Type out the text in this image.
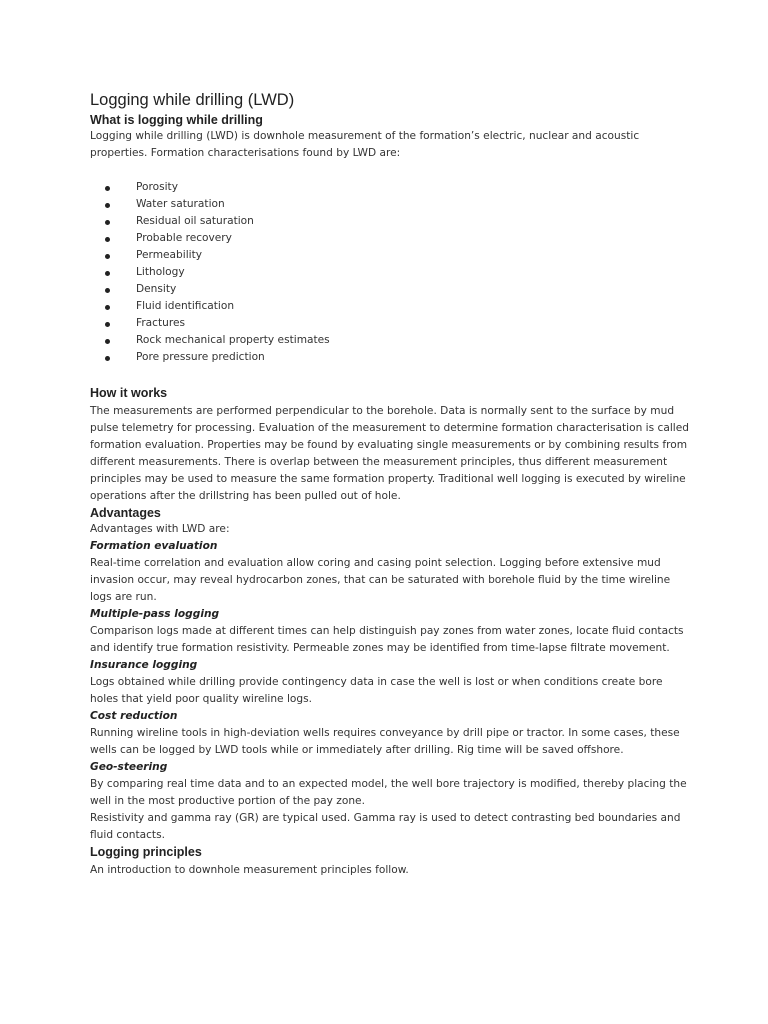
Logging while drilling (LWD)
What is logging while drilling

Logging while drilling (LWD) is downhole measurement of the formation’s electric, nuclear and acoustic properties. Formation characterisations found by LWD are:

Porosity
Water saturation
Residual oil saturation
Probable recovery
Permeability
Lithology
Density
Fluid identification
Fractures
Rock mechanical property estimates
Pore pressure prediction
How it works

The measurements are performed perpendicular to the borehole. Data is normally sent to the surface by mud pulse telemetry for processing. Evaluation of the measurement to determine formation characterisation is called formation evaluation. Properties may be found by evaluating single measurements or by combining results from different measurements. There is overlap between the measurement principles, thus different measurement principles may be used to measure the same formation property. Traditional well logging is executed by wireline operations after the drillstring has been pulled out of hole.

Advantages

Advantages with LWD are:

Formation evaluation

Real-time correlation and evaluation allow coring and casing point selection. Logging before extensive mud invasion occur, may reveal hydrocarbon zones, that can be saturated with borehole fluid by the time wireline logs are run.

Multiple-pass logging

Comparison logs made at different times can help distinguish pay zones from water zones, locate fluid contacts and identify true formation resistivity. Permeable zones may be identified from time-lapse filtrate movement.

Insurance logging

Logs obtained while drilling provide contingency data in case the well is lost or when conditions create bore holes that yield poor quality wireline logs.

Cost reduction

Running wireline tools in high-deviation wells requires conveyance by drill pipe or tractor. In some cases, these wells can be logged by LWD tools while or immediately after drilling. Rig time will be saved offshore.

Geo-steering

By comparing real time data and to an expected model, the well bore trajectory is modified, thereby placing the well in the most productive portion of the pay zone.

Resistivity and gamma ray (GR) are typical used. Gamma ray is used to detect contrasting bed boundaries and fluid contacts.

Logging principles

An introduction to downhole measurement principles follow.
